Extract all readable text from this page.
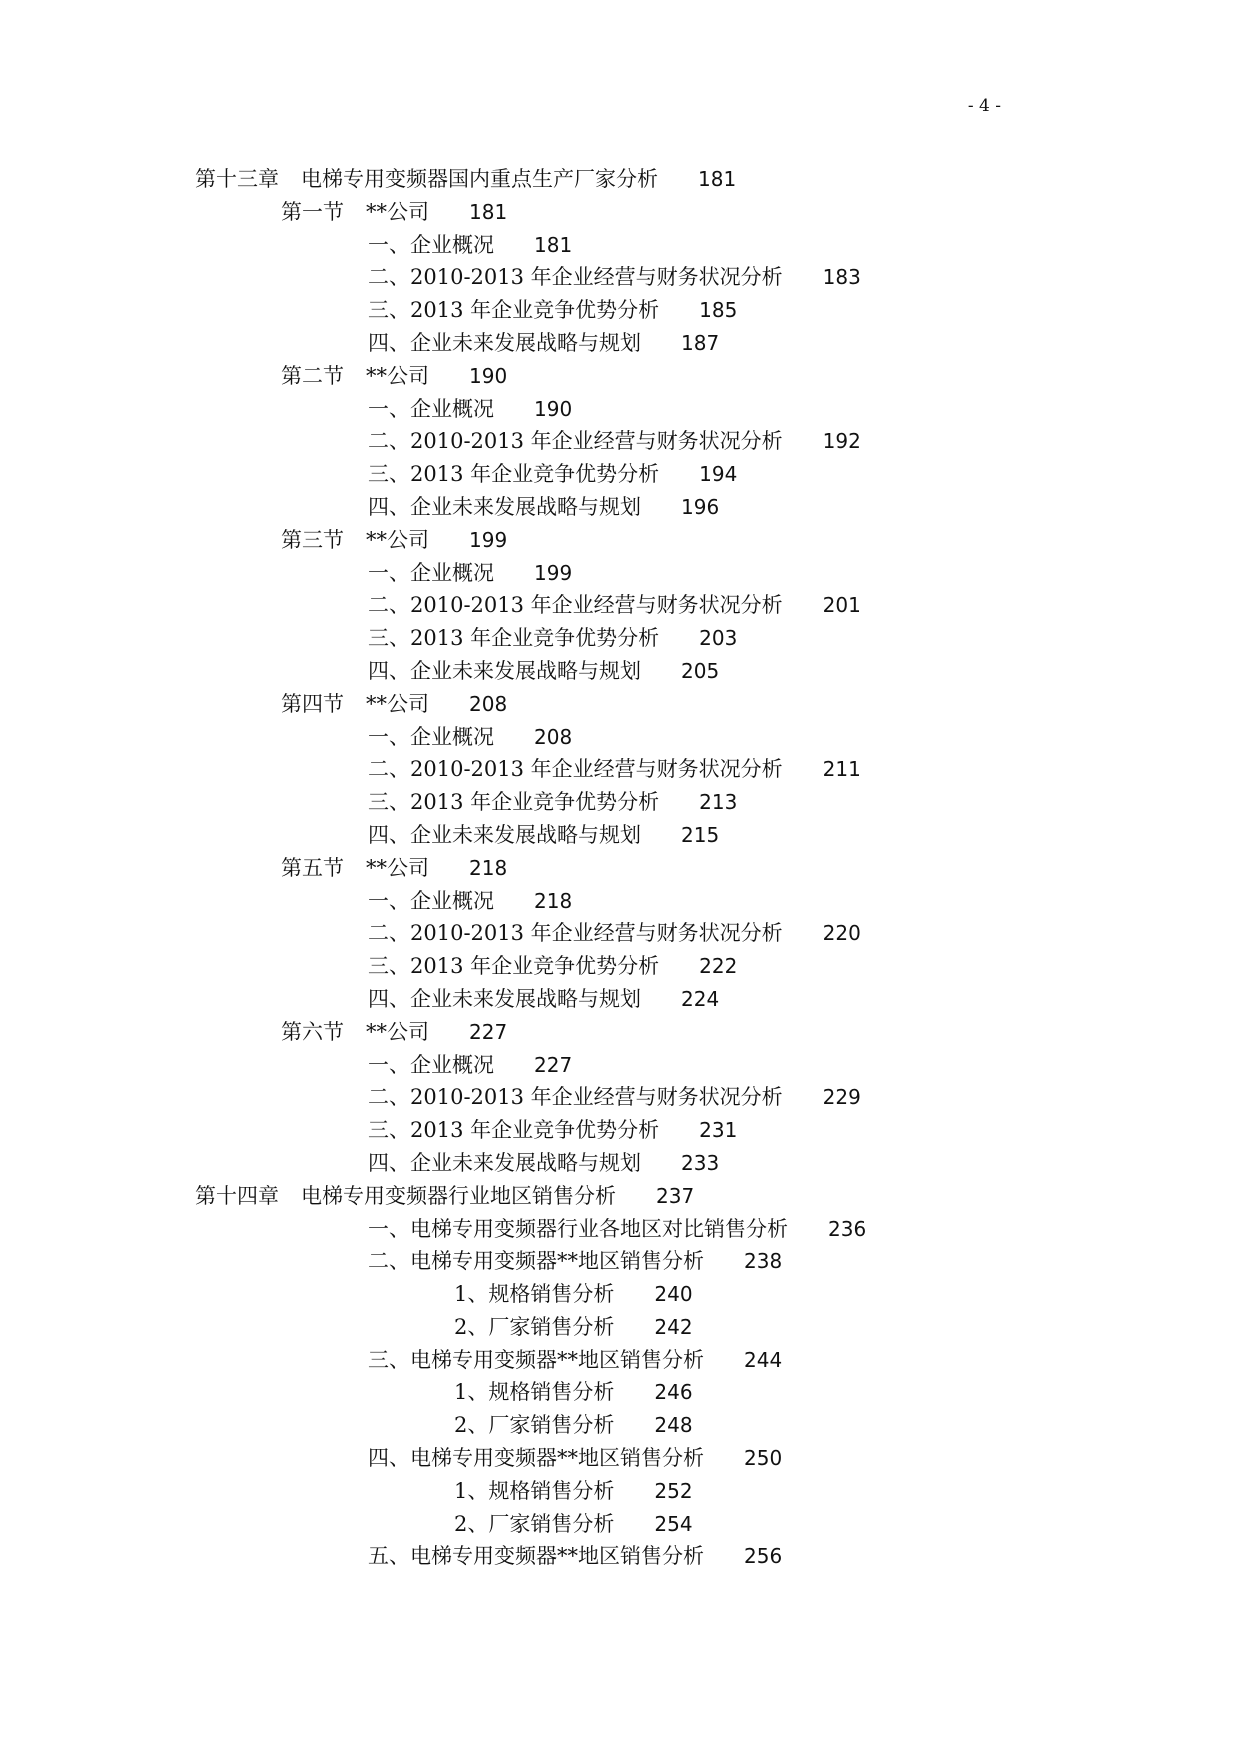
- 4 -
第十三章 电梯专用变频器国内重点生产厂家分析 181
第一节 **公司 181
一、企业概况 181
二、2010-2013 年企业经营与财务状况分析 183
三、2013 年企业竞争优势分析 185
四、企业未来发展战略与规划 187
第二节 **公司 190
一、企业概况 190
二、2010-2013 年企业经营与财务状况分析 192
三、2013 年企业竞争优势分析 194
四、企业未来发展战略与规划 196
第三节 **公司 199
一、企业概况 199
二、2010-2013 年企业经营与财务状况分析 201
三、2013 年企业竞争优势分析 203
四、企业未来发展战略与规划 205
第四节 **公司 208
一、企业概况 208
二、2010-2013 年企业经营与财务状况分析 211
三、2013 年企业竞争优势分析 213
四、企业未来发展战略与规划 215
第五节 **公司 218
一、企业概况 218
二、2010-2013 年企业经营与财务状况分析 220
三、2013 年企业竞争优势分析 222
四、企业未来发展战略与规划 224
第六节 **公司 227
一、企业概况 227
二、2010-2013 年企业经营与财务状况分析 229
三、2013 年企业竞争优势分析 231
四、企业未来发展战略与规划 233
第十四章 电梯专用变频器行业地区销售分析 237
一、电梯专用变频器行业各地区对比销售分析 236
二、电梯专用变频器**地区销售分析 238
1、规格销售分析 240
2、厂家销售分析 242
三、电梯专用变频器**地区销售分析 244
1、规格销售分析 246
2、厂家销售分析 248
四、电梯专用变频器**地区销售分析 250
1、规格销售分析 252
2、厂家销售分析 254
五、电梯专用变频器**地区销售分析 256
